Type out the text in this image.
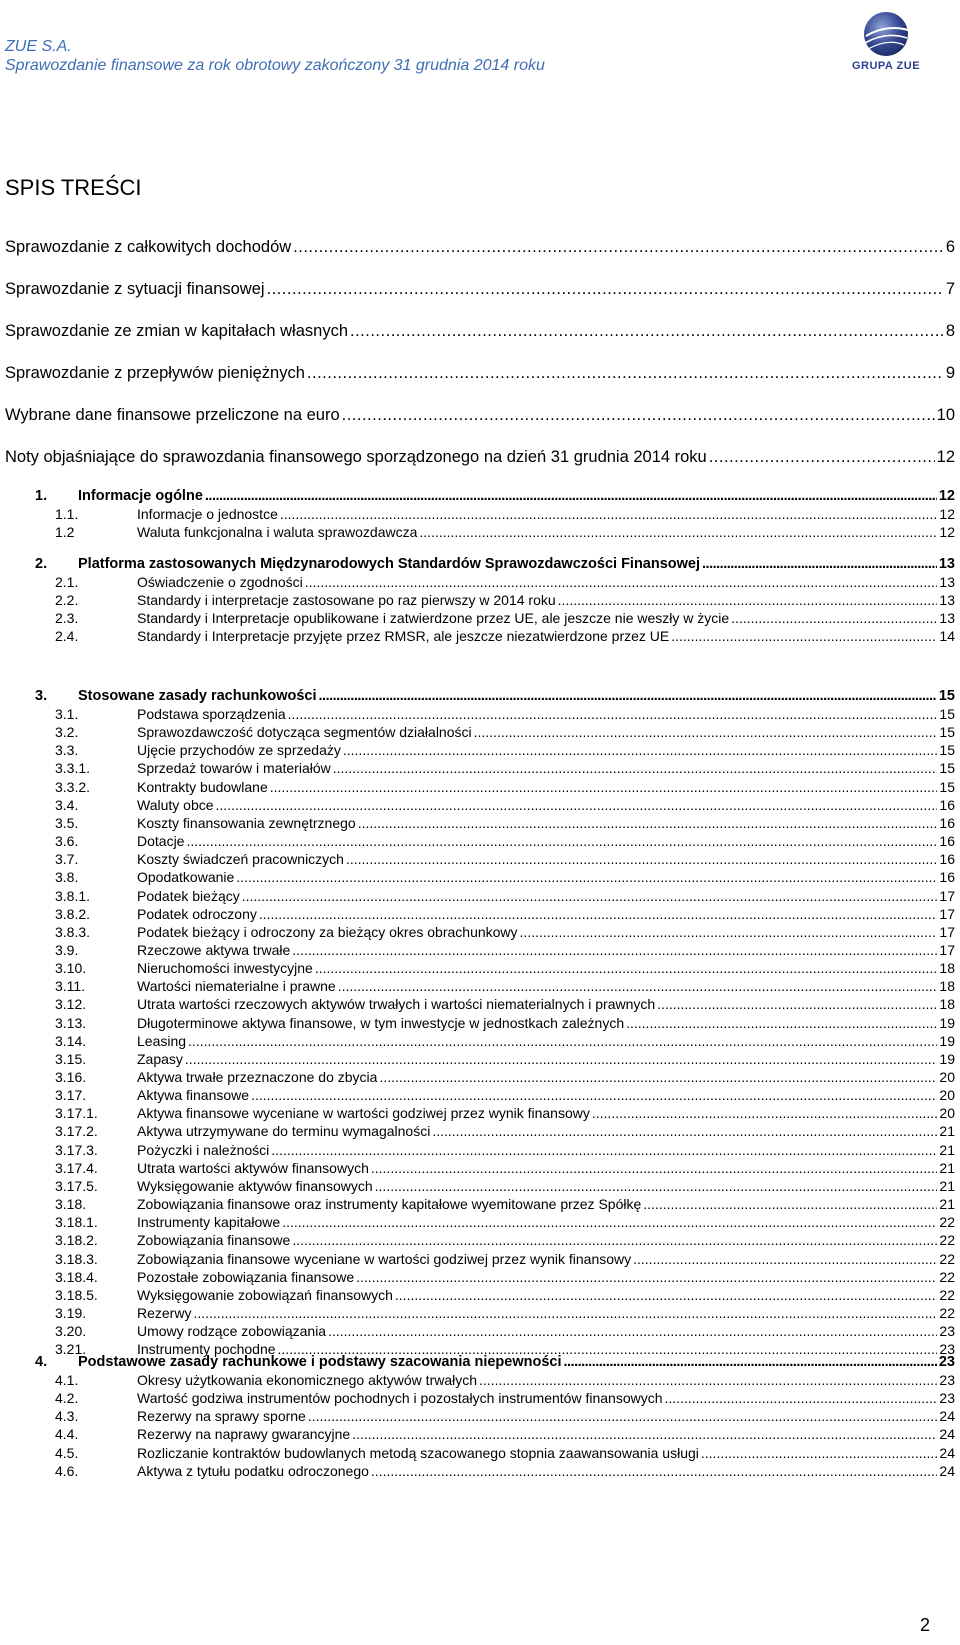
ZUE S.A.
Sprawozdanie finansowe za rok obrotowy zakończony 31 grudnia 2014 roku	GRUPA ZUE
SPIS TREŚCI
Sprawozdanie z całkowitych dochodów .....	6
Sprawozdanie z sytuacji finansowej .....	7
Sprawozdanie ze zmian w kapitałach własnych .....	8
Sprawozdanie z przepływów pieniężnych .....	9
Wybrane dane finansowe przeliczone na euro .....	10
Noty objaśniające do sprawozdania finansowego sporządzonego na dzień 31 grudnia 2014 roku .....	12
1.	Informacje ogólne .....	12
1.1.	Informacje o jednostce .....	12
1.2	Waluta funkcjonalna i waluta sprawozdawcza .....	12
2.	Platforma zastosowanych Międzynarodowych Standardów Sprawozdawczości Finansowej .....	13
2.1.	Oświadczenie o zgodności .....	13
2.2.	Standardy i interpretacje zastosowane po raz pierwszy w 2014 roku .....	13
2.3.	Standardy i Interpretacje opublikowane i zatwierdzone przez UE, ale jeszcze nie weszły w życie .....	13
2.4.	Standardy i Interpretacje przyjęte przez RMSR, ale jeszcze niezatwierdzone przez UE .....	14
3.	Stosowane zasady rachunkowości .....	15
3.1.	Podstawa sporządzenia .....	15
3.2.	Sprawozdawczość dotycząca segmentów działalności .....	15
3.3.	Ujęcie przychodów ze sprzedaży .....	15
3.3.1.	Sprzedaż towarów i materiałów .....	15
3.3.2.	Kontrakty budowlane .....	15
3.4.	Waluty obce .....	16
3.5.	Koszty finansowania zewnętrznego .....	16
3.6.	Dotacje .....	16
3.7.	Koszty świadczeń pracowniczych .....	16
3.8.	Opodatkowanie .....	16
3.8.1.	Podatek bieżący .....	17
3.8.2.	Podatek odroczony .....	17
3.8.3.	Podatek bieżący i odroczony za bieżący okres obrachunkowy .....	17
3.9.	Rzeczowe aktywa trwałe .....	17
3.10.	Nieruchomości inwestycyjne .....	18
3.11.	Wartości niematerialne i prawne .....	18
3.12.	Utrata wartości rzeczowych aktywów trwałych i wartości niematerialnych i prawnych .....	18
3.13.	Długoterminowe aktywa finansowe, w tym inwestycje w jednostkach zależnych .....	19
3.14.	Leasing .....	19
3.15.	Zapasy .....	19
3.16.	Aktywa trwałe przeznaczone do zbycia .....	20
3.17.	Aktywa finansowe .....	20
3.17.1.	Aktywa finansowe wyceniane w wartości godziwej przez wynik finansowy .....	20
3.17.2.	Aktywa utrzymywane do terminu wymagalności .....	21
3.17.3.	Pożyczki i należności .....	21
3.17.4.	Utrata wartości aktywów finansowych .....	21
3.17.5.	Wyksięgowanie aktywów finansowych .....	21
3.18.	Zobowiązania finansowe oraz instrumenty kapitałowe wyemitowane przez Spółkę .....	21
3.18.1.	Instrumenty kapitałowe .....	22
3.18.2.	Zobowiązania finansowe .....	22
3.18.3.	Zobowiązania finansowe wyceniane w wartości godziwej przez wynik finansowy .....	22
3.18.4.	Pozostałe zobowiązania finansowe .....	22
3.18.5.	Wyksięgowanie zobowiązań finansowych .....	22
3.19.	Rezerwy .....	22
3.20.	Umowy rodzące zobowiązania .....	23
3.21.	Instrumenty pochodne .....	23
4.	Podstawowe zasady rachunkowe i podstawy szacowania niepewności .....	23
4.1.	Okresy użytkowania ekonomicznego aktywów trwałych .....	23
4.2.	Wartość godziwa instrumentów pochodnych i pozostałych instrumentów finansowych .....	23
4.3.	Rezerwy na sprawy sporne .....	24
4.4.	Rezerwy na naprawy gwarancyjne .....	24
4.5.	Rozliczanie kontraktów budowlanych metodą szacowanego stopnia zaawansowania usługi .....	24
4.6.	Aktywa z tytułu podatku odroczonego .....	24
2
